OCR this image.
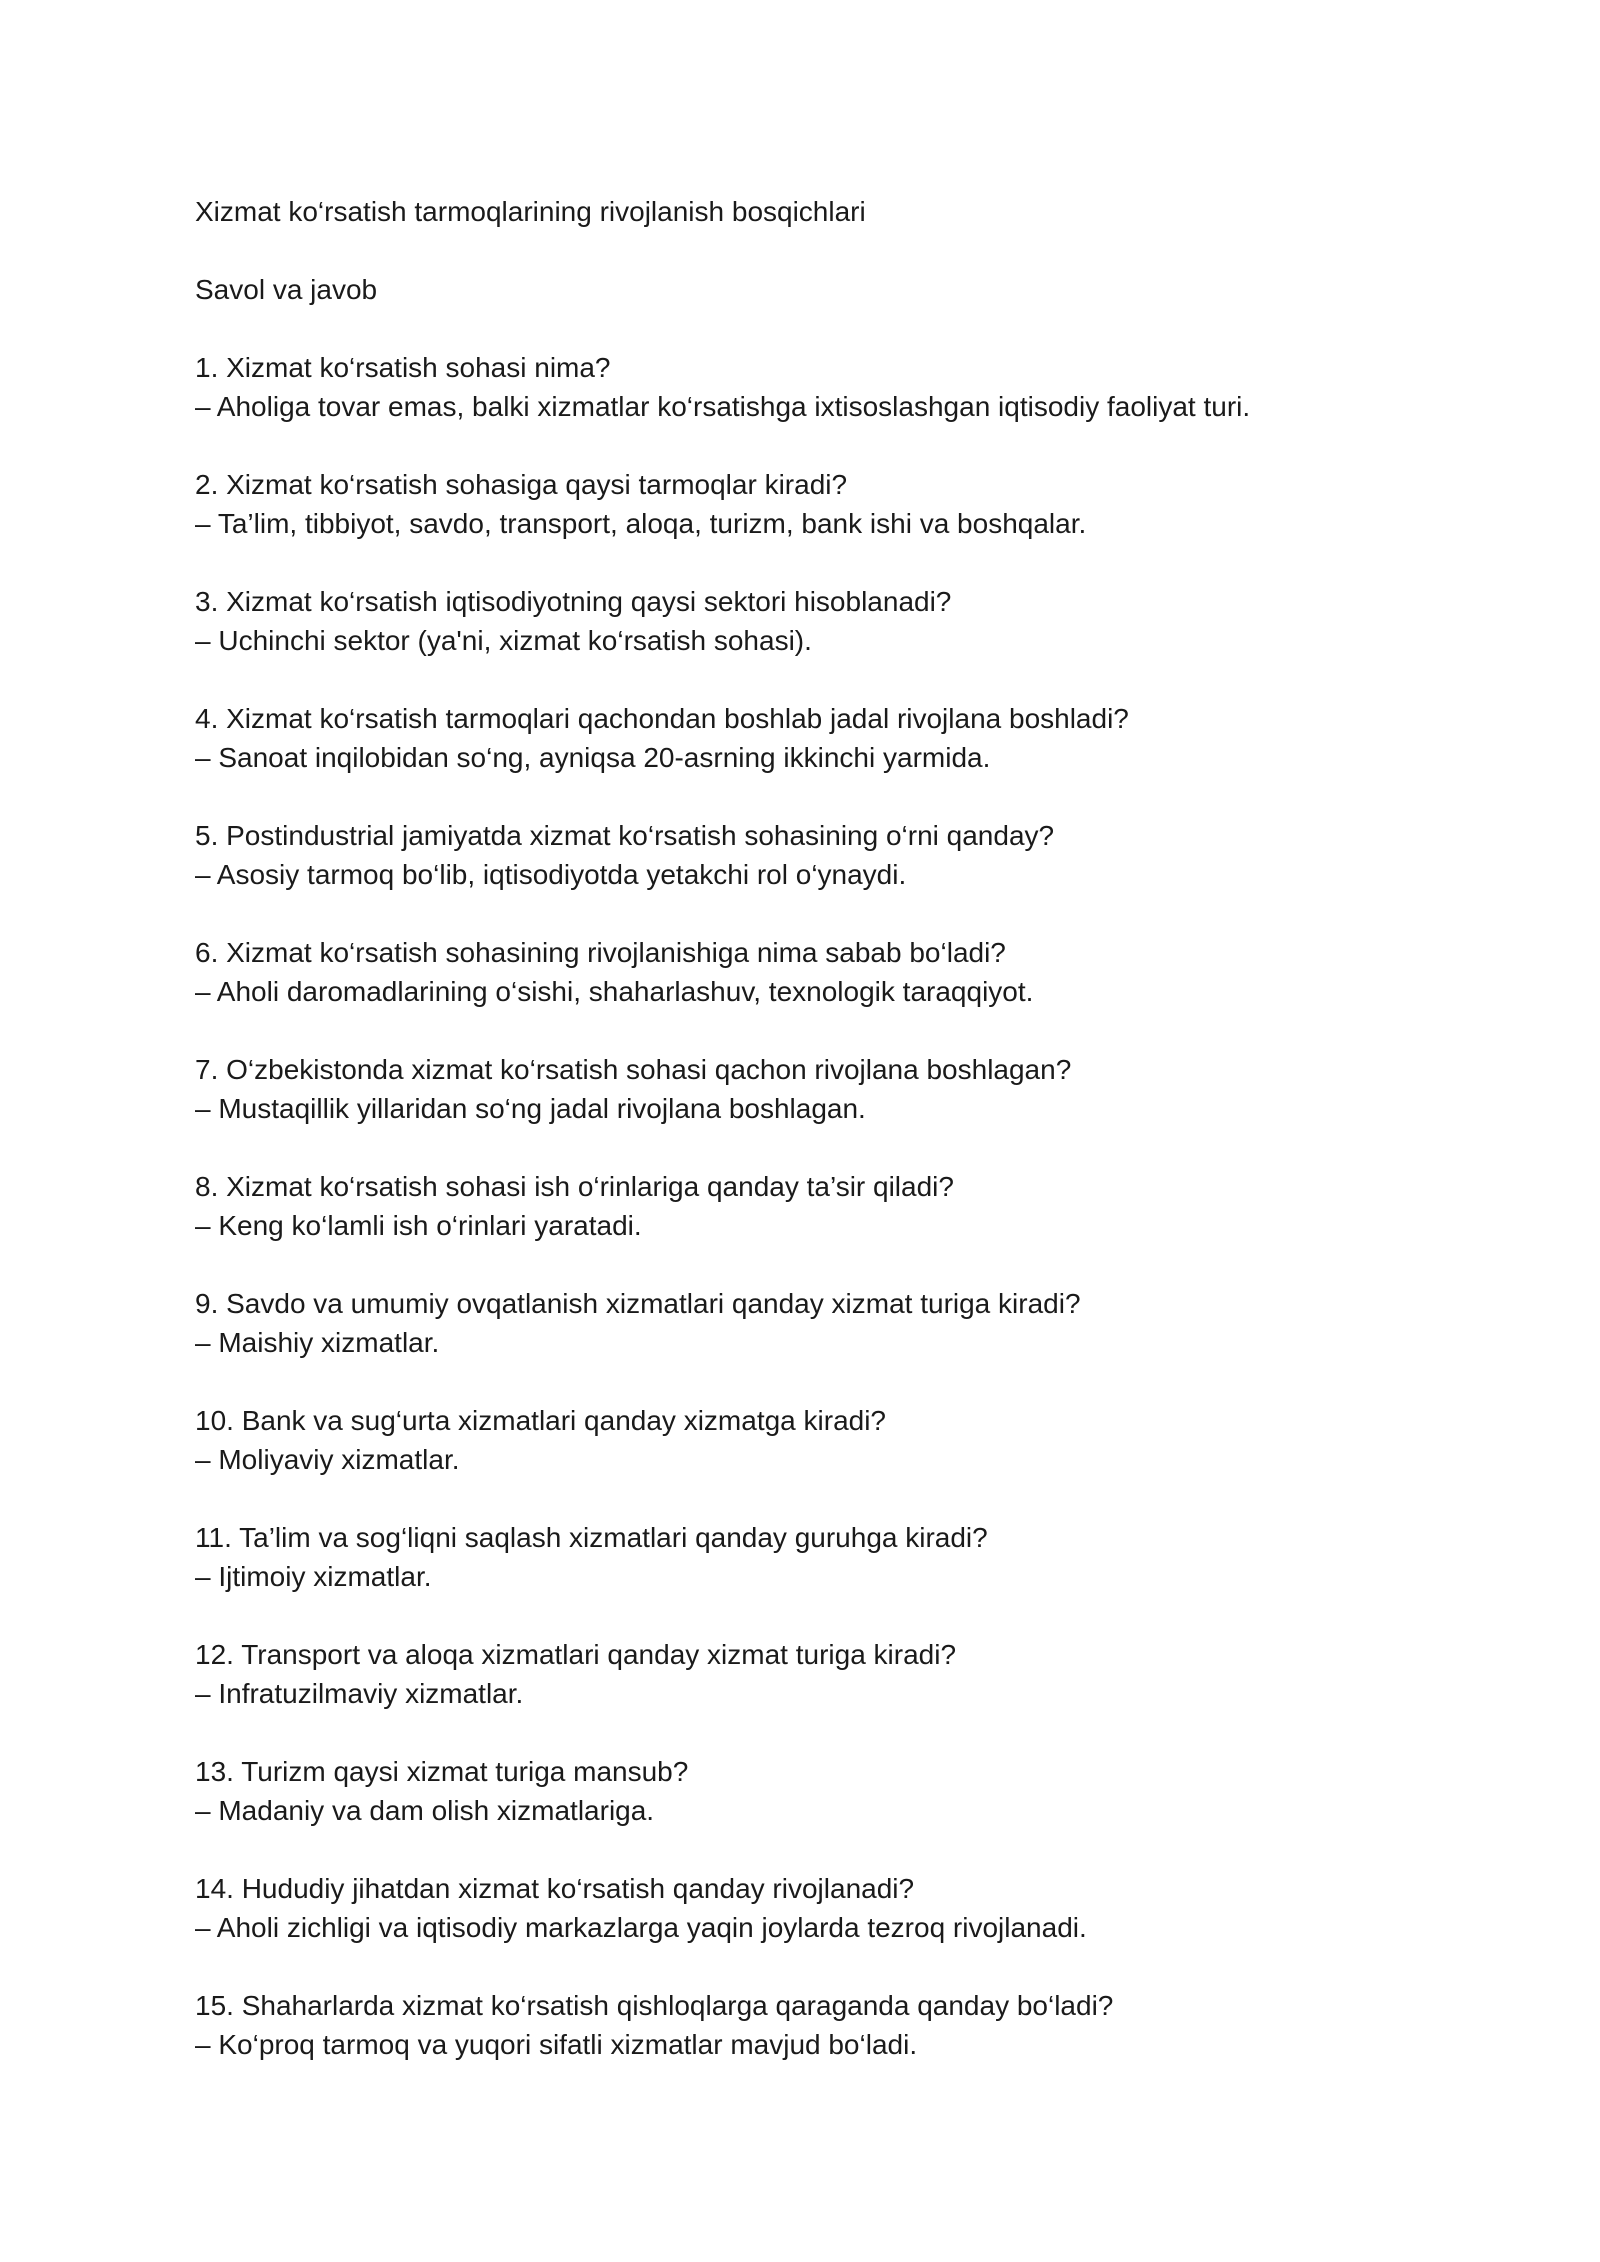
Xizmat ko‘rsatish tarmoqlarining rivojlanish bosqichlari
Savol va javob
1. Xizmat ko‘rsatish sohasi nima?
– Aholiga tovar emas, balki xizmatlar ko‘rsatishga ixtisoslashgan iqtisodiy faoliyat turi.
2. Xizmat ko‘rsatish sohasiga qaysi tarmoqlar kiradi?
– Ta’lim, tibbiyot, savdo, transport, aloqa, turizm, bank ishi va boshqalar.
3. Xizmat ko‘rsatish iqtisodiyotning qaysi sektori hisoblanadi?
– Uchinchi sektor (ya'ni, xizmat ko‘rsatish sohasi).
4. Xizmat ko‘rsatish tarmoqlari qachondan boshlab jadal rivojlana boshladi?
– Sanoat inqilobidan so‘ng, ayniqsa 20-asrning ikkinchi yarmida.
5. Postindustrial jamiyatda xizmat ko‘rsatish sohasining o‘rni qanday?
– Asosiy tarmoq bo‘lib, iqtisodiyotda yetakchi rol o‘ynaydi.
6. Xizmat ko‘rsatish sohasining rivojlanishiga nima sabab bo‘ladi?
– Aholi daromadlarining o‘sishi, shaharlashuv, texnologik taraqqiyot.
7. O‘zbekistonda xizmat ko‘rsatish sohasi qachon rivojlana boshlagan?
– Mustaqillik yillaridan so‘ng jadal rivojlana boshlagan.
8. Xizmat ko‘rsatish sohasi ish o‘rinlariga qanday ta’sir qiladi?
– Keng ko‘lamli ish o‘rinlari yaratadi.
9. Savdo va umumiy ovqatlanish xizmatlari qanday xizmat turiga kiradi?
– Maishiy xizmatlar.
10. Bank va sug‘urta xizmatlari qanday xizmatga kiradi?
– Moliyaviy xizmatlar.
11. Ta’lim va sog‘liqni saqlash xizmatlari qanday guruhga kiradi?
– Ijtimoiy xizmatlar.
12. Transport va aloqa xizmatlari qanday xizmat turiga kiradi?
– Infratuzilmaviy xizmatlar.
13. Turizm qaysi xizmat turiga mansub?
– Madaniy va dam olish xizmatlariga.
14. Hududiy jihatdan xizmat ko‘rsatish qanday rivojlanadi?
– Aholi zichligi va iqtisodiy markazlarga yaqin joylarda tezroq rivojlanadi.
15. Shaharlarda xizmat ko‘rsatish qishloqlarga qaraganda qanday bo‘ladi?
– Ko‘proq tarmoq va yuqori sifatli xizmatlar mavjud bo‘ladi.
